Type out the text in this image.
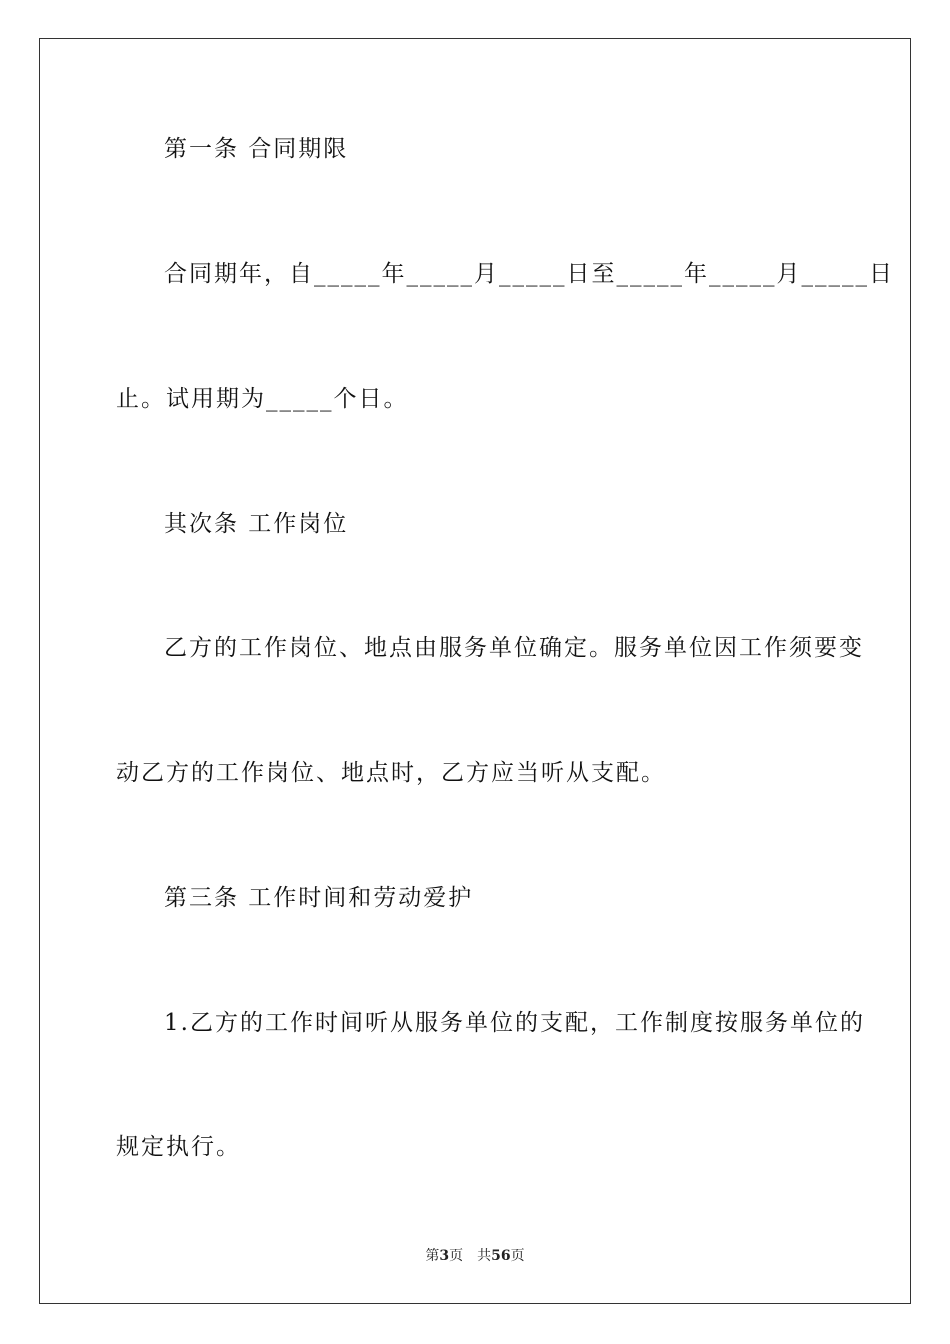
第一条 合同期限
合同期年，自_____年_____月_____日至_____年_____月_____日
止。试用期为_____个日。
其次条 工作岗位
乙方的工作岗位、地点由服务单位确定。服务单位因工作须要变
动乙方的工作岗位、地点时，乙方应当听从支配。
第三条 工作时间和劳动爱护
1.乙方的工作时间听从服务单位的支配，工作制度按服务单位的
规定执行。
第3页 共56页
